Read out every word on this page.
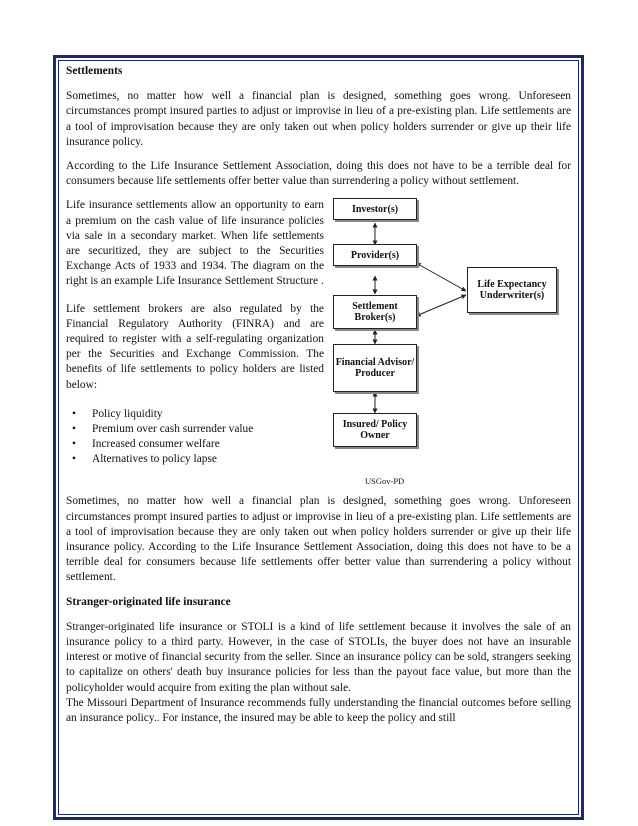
Settlements

Sometimes, no matter how well a financial plan is designed, something goes wrong. Unforeseen circumstances prompt insured parties to adjust or improvise in lieu of a pre-existing plan. Life settlements are a tool of improvisation because they are only taken out when policy holders surrender or give up their life insurance policy.

According to the Life Insurance Settlement Association, doing this does not have to be a terrible deal for consumers because life settlements offer better value than surrendering a policy without settlement.

Life insurance settlements allow an opportunity to earn a premium on the cash value of life insurance policies via sale in a secondary market. When life settlements are securitized, they are subject to the Securities Exchange Acts of 1933 and 1934. The diagram on the right is an example Life Insurance Settlement Structure .

Life settlement brokers are also regulated by the Financial Regulatory Authority (FINRA) and are required to register with a self-regulating organization per the Securities and Exchange Commission. The benefits of life settlements to policy holders are listed below:

• Policy liquidity
• Premium over cash surrender value
• Increased consumer welfare
• Alternatives to policy lapse
Investor(s)
Provider(s)
Settlement Broker(s)
Financial Advisor/ Producer
Insured/ Policy Owner
Life Expectancy Underwriter(s)

Sometimes, no matter how well a financial plan is designed, something goes wrong. Unforeseen circumstances prompt insured parties to adjust or improvise in lieu of a pre-existing plan. Life settlements are a tool of improvisation because they are only taken out when policy holders surrender or give up their life insurance policy. According to the Life Insurance Settlement Association, doing this does not have to be a terrible deal for consumers because life settlements offer better value than surrendering a policy without settlement.

Stranger-originated life insurance

Stranger-originated life insurance or STOLI is a kind of life settlement because it involves the sale of an insurance policy to a third party. However, in the case of STOLIs, the buyer does not have an insurable interest or motive of financial security from the seller. Since an insurance policy can be sold, strangers seeking to capitalize on others' death buy insurance policies for less than the payout face value, but more than the policyholder would acquire from exiting the plan without sale.

The Missouri Department of Insurance recommends fully understanding the financial outcomes before selling an insurance policy.. For instance, the insured may be able to keep the policy and still

USGov-PD
